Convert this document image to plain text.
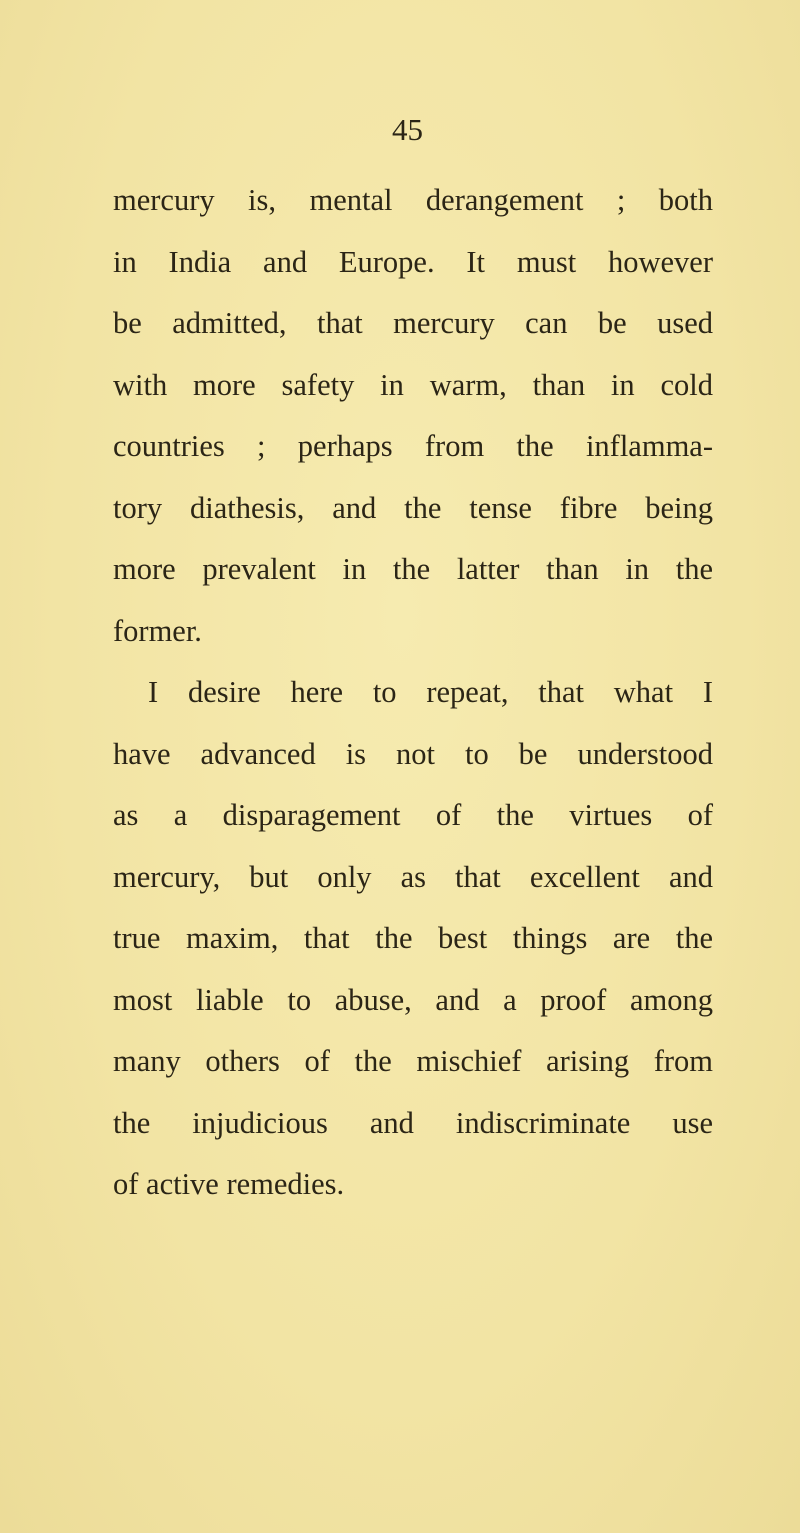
45
mercury is, mental derangement ; both
in India and Europe. It must however
be admitted, that mercury can be used
with more safety in warm, than in cold
countries ; perhaps from the inflamma-
tory diathesis, and the tense fibre being
more prevalent in the latter than in the
former.
I desire here to repeat, that what I
have advanced is not to be understood
as a disparagement of the virtues of
mercury, but only as that excellent and
true maxim, that the best things are the
most liable to abuse, and a proof among
many others of the mischief arising from
the injudicious and indiscriminate use
of active remedies.
